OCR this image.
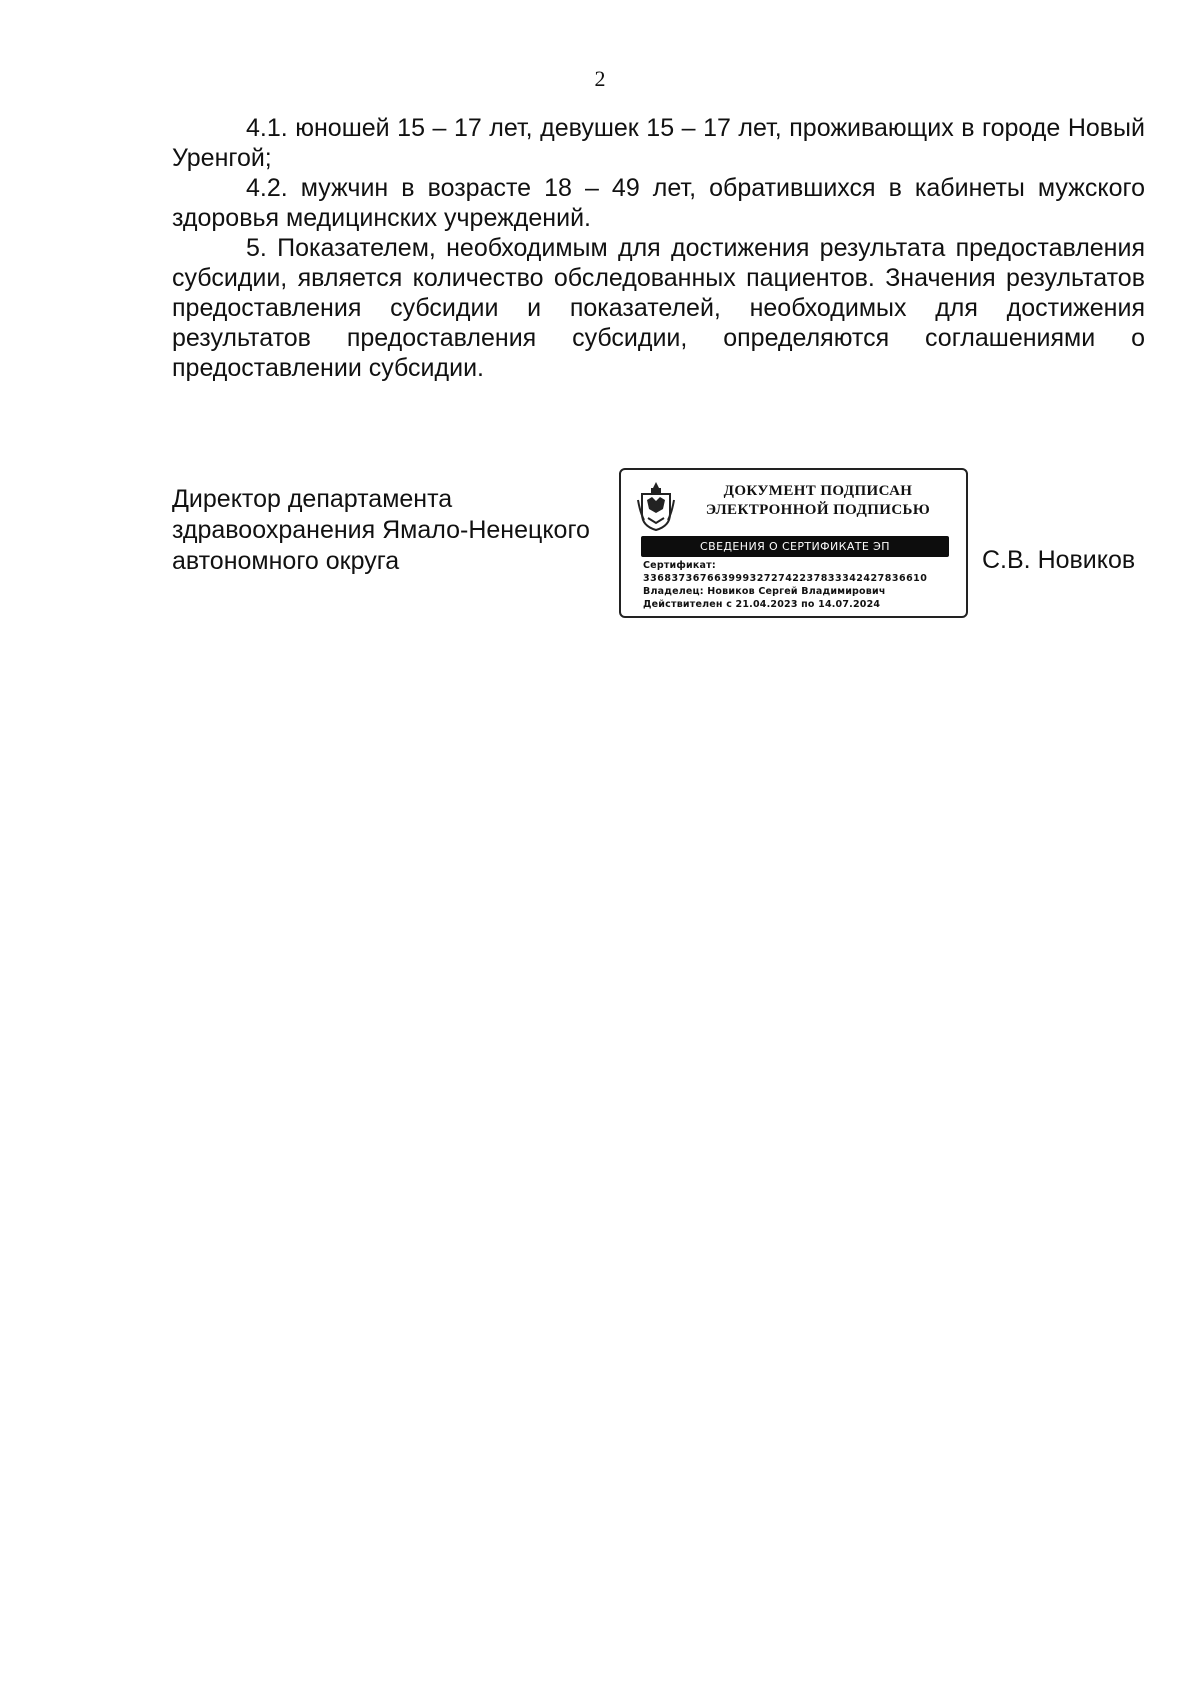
2

4.1. юношей 15 – 17 лет, девушек 15 – 17 лет, проживающих в городе Новый Уренгой;

4.2. мужчин в возрасте 18 – 49 лет, обратившихся в кабинеты мужского здоровья медицинских учреждений.

5. Показателем, необходимым для достижения результата предоставления субсидии, является количество обследованных пациентов. Значения результатов предоставления субсидии и показателей, необходимых для достижения результатов предоставления субсидии, определяются соглашениями о предоставлении субсидии.

Директор департамента
здравоохранения Ямало-Ненецкого
автономного округа
ДОКУМЕНТ ПОДПИСАН
ЭЛЕКТРОННОЙ ПОДПИСЬЮ
СВЕДЕНИЯ О СЕРТИФИКАТЕ ЭП
Сертификат:
3368373676639993272742237833342427836610
Владелец: Новиков Сергей Владимирович
Действителен с 21.04.2023 по 14.07.2024
С.В. Новиков
